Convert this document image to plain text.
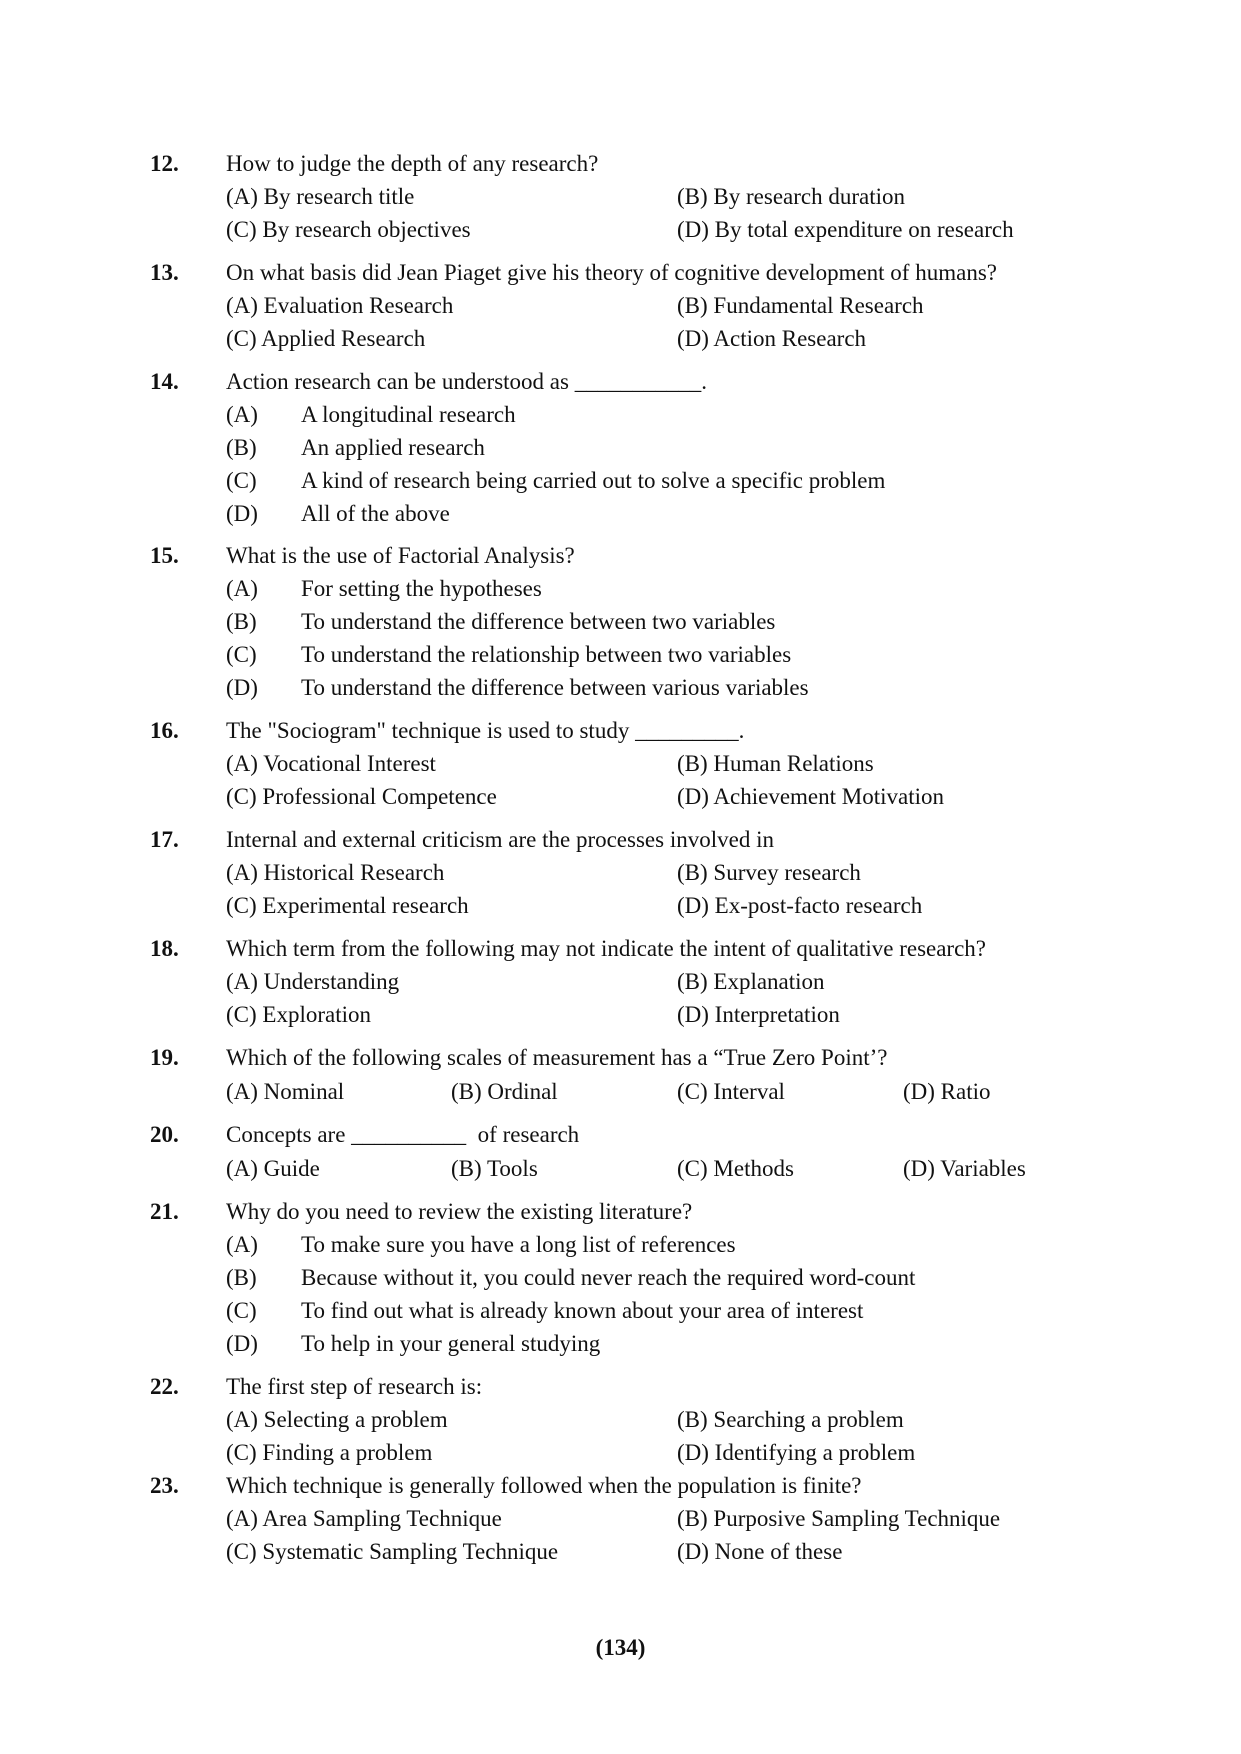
12. How to judge the depth of any research?
(A) By research title	(B) By research duration
(C) By research objectives	(D) By total expenditure on research
13. On what basis did Jean Piaget give his theory of cognitive development of humans?
(A) Evaluation Research	(B) Fundamental Research
(C) Applied Research	(D) Action Research
14. Action research can be understood as ___________.
(A) A longitudinal research
(B) An applied research
(C) A kind of research being carried out to solve a specific problem
(D) All of the above
15. What is the use of Factorial Analysis?
(A) For setting the hypotheses
(B) To understand the difference between two variables
(C) To understand the relationship between two variables
(D) To understand the difference between various variables
16. The "Sociogram" technique is used to study _________.
(A) Vocational Interest	(B) Human Relations
(C) Professional Competence	(D) Achievement Motivation
17. Internal and external criticism are the processes involved in
(A) Historical Research	(B) Survey research
(C) Experimental research	(D) Ex-post-facto research
18. Which term from the following may not indicate the intent of qualitative research?
(A) Understanding	(B) Explanation
(C) Exploration	(D) Interpretation
19. Which of the following scales of measurement has a “True Zero Point’?
(A) Nominal	(B) Ordinal	(C) Interval	(D) Ratio
20. Concepts are __________  of research
(A) Guide	(B) Tools	(C) Methods	(D) Variables
21. Why do you need to review the existing literature?
(A) To make sure you have a long list of references
(B) Because without it, you could never reach the required word-count
(C) To find out what is already known about your area of interest
(D) To help in your general studying
22. The first step of research is:
(A) Selecting a problem	(B) Searching a problem
(C) Finding a problem	(D) Identifying a problem
23. Which technique is generally followed when the population is finite?
(A) Area Sampling Technique	(B) Purposive Sampling Technique
(C) Systematic Sampling Technique	(D) None of these
(134)
